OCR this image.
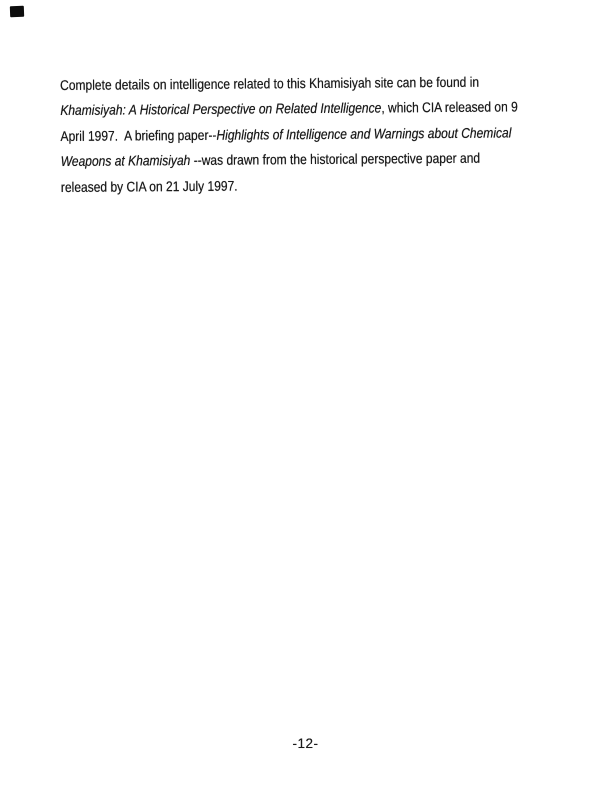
Complete details on intelligence related to this Khamisiyah site can be found in
Khamisiyah: A Historical Perspective on Related Intelligence, which CIA released on 9
April 1997.  A briefing paper--Highlights of Intelligence and Warnings about Chemical
Weapons at Khamisiyah --was drawn from the historical perspective paper and
released by CIA on 21 July 1997.
-12-
